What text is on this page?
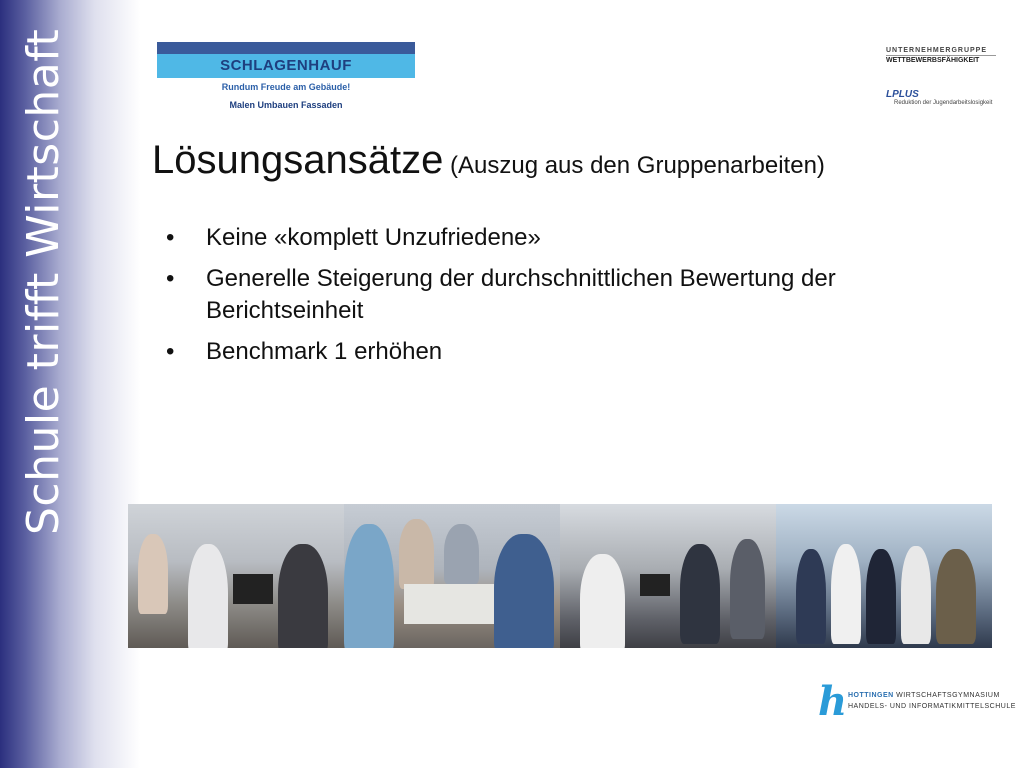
Schule trifft Wirtschaft	SCHLAGENHAUF
Rundum Freude am Gebäude!
Malen Umbauen Fassaden
UNTERNEHMERGRUPPE
WETTBEWERBSFÄHIGKEIT
LPLUS
Reduktion der Jugendarbeitslosigkeit
Lösungsansätze (Auszug aus den Gruppenarbeiten)
• Keine «komplett Unzufriedene»
• Generelle Steigerung der durchschnittlichen Bewertung der Berichtseinheit
• Benchmark 1 erhöhen
h HOTTINGEN WIRTSCHAFTSGYMNASIUM
HANDELS- UND INFORMATIKMITTELSCHULE
